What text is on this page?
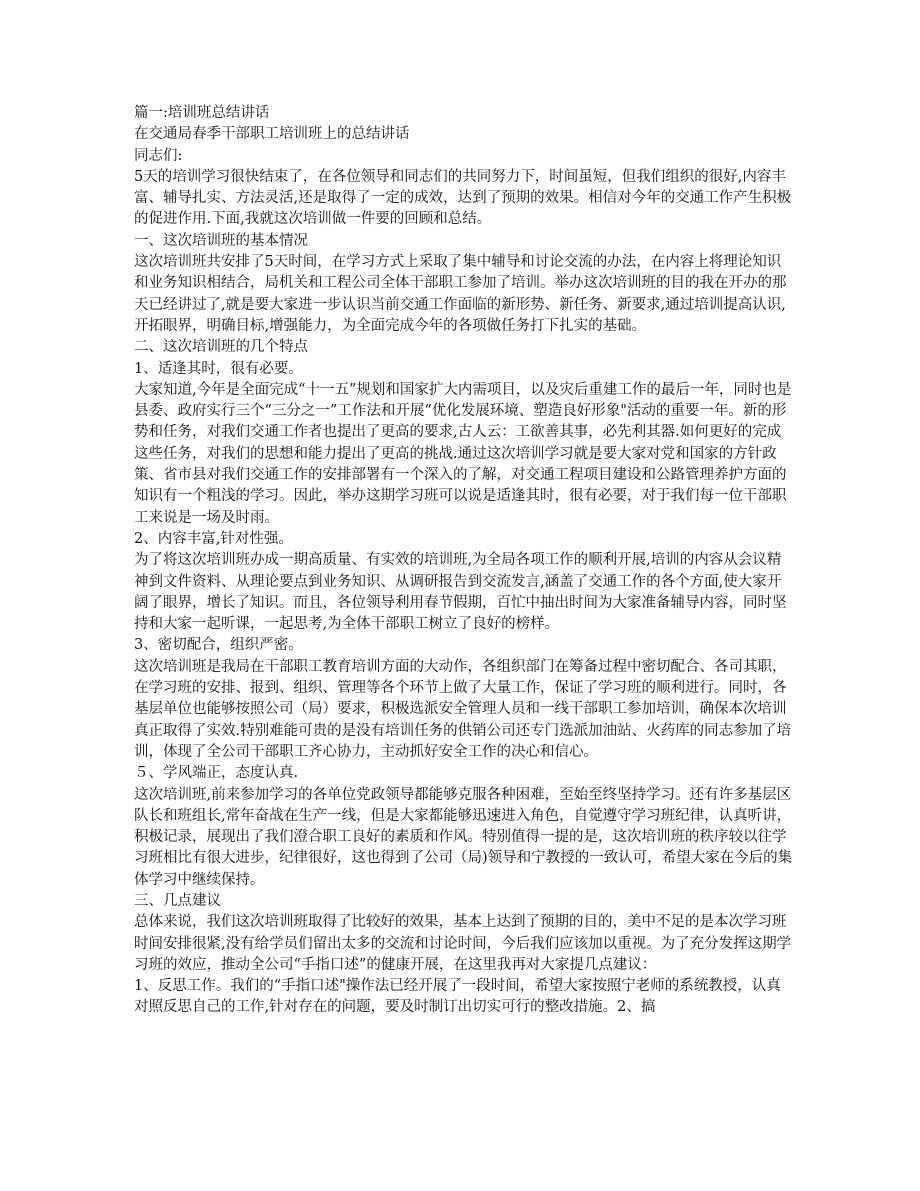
篇一:培训班总结讲话

在交通局春季干部职工培训班上的总结讲话

同志们:

5天的培训学习很快结束了，在各位领导和同志们的共同努力下，时间虽短，但我们组织的很好,内容丰富、辅导扎实、方法灵活,还是取得了一定的成效，达到了预期的效果。相信对今年的交通工作产生积极的促进作用.下面,我就这次培训做一件要的回顾和总结。

一、这次培训班的基本情况

这次培训班共安排了5天时间，在学习方式上采取了集中辅导和讨论交流的办法，在内容上将理论知识和业务知识相结合，局机关和工程公司全体干部职工参加了培训。举办这次培训班的目的我在开办的那天已经讲过了,就是要大家进一步认识当前交通工作面临的新形势、新任务、新要求,通过培训提高认识,开拓眼界，明确目标,增强能力，为全面完成今年的各项做任务打下扎实的基础。

二、这次培训班的几个特点

1、适逢其时，很有必要。

大家知道,今年是全面完成“十一五”规划和国家扩大内需项目，以及灾后重建工作的最后一年，同时也是县委、政府实行三个“三分之一”工作法和开展“优化发展环境、塑造良好形象"活动的重要一年。新的形势和任务，对我们交通工作者也提出了更高的要求,古人云：工欲善其事，必先利其器.如何更好的完成这些任务，对我们的思想和能力提出了更高的挑战.通过这次培训学习就是要大家对党和国家的方针政策、省市县对我们交通工作的安排部署有一个深入的了解，对交通工程项目建设和公路管理养护方面的知识有一个粗浅的学习。因此，举办这期学习班可以说是适逢其时，很有必要，对于我们每一位干部职工来说是一场及时雨。

2、内容丰富,针对性强。

为了将这次培训班办成一期高质量、有实效的培训班,为全局各项工作的顺利开展,培训的内容从会议精神到文件资料、从理论要点到业务知识、从调研报告到交流发言,涵盖了交通工作的各个方面,使大家开阔了眼界，增长了知识。而且，各位领导利用春节假期，百忙中抽出时间为大家准备辅导内容，同时坚持和大家一起听课，一起思考,为全体干部职工树立了良好的榜样。

3、密切配合，组织严密。

这次培训班是我局在干部职工教育培训方面的大动作，各组织部门在筹备过程中密切配合、各司其职，在学习班的安排、报到、组织、管理等各个环节上做了大量工作，保证了学习班的顺利进行。同时，各基层单位也能够按照公司（局）要求，积极选派安全管理人员和一线干部职工参加培训，确保本次培训真正取得了实效.特别难能可贵的是没有培训任务的供销公司还专门选派加油站、火药库的同志参加了培训，体现了全公司干部职工齐心协力，主动抓好安全工作的决心和信心。

５、学风端正，态度认真.

这次培训班,前来参加学习的各单位党政领导都能够克服各种困难，至始至终坚持学习。还有许多基层区队长和班组长,常年奋战在生产一线，但是大家都能够迅速进入角色，自觉遵守学习班纪律，认真听讲，积极记录，展现出了我们澄合职工良好的素质和作风。特别值得一提的是，这次培训班的秩序较以往学习班相比有很大进步，纪律很好，这也得到了公司（局)领导和宁教授的一致认可，希望大家在今后的集体学习中继续保持。

三、几点建议

总体来说，我们这次培训班取得了比较好的效果，基本上达到了预期的目的，美中不足的是本次学习班时间安排很紧,没有给学员们留出太多的交流和讨论时间，今后我们应该加以重视。为了充分发挥这期学习班的效应，推动全公司“手指口述”的健康开展，在这里我再对大家提几点建议：

1、反思工作。我们的“手指口述"操作法已经开展了一段时间，希望大家按照宁老师的系统教授，认真对照反思自己的工作,针对存在的问题，要及时制订出切实可行的整改措施。2、搞
